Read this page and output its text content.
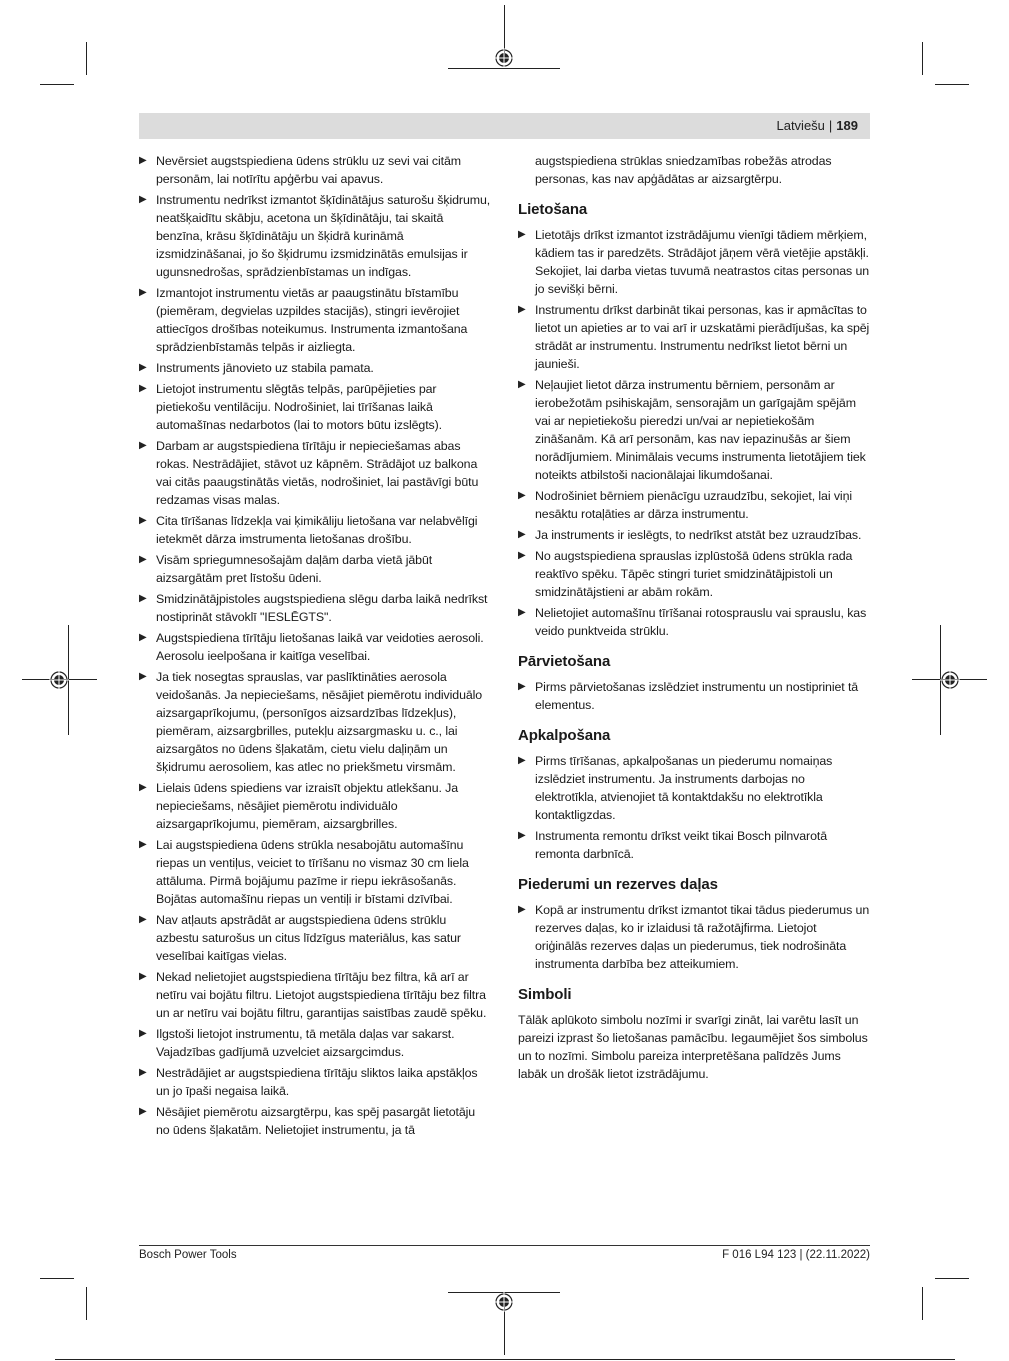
Latviešu | 189
▶ Nevērsiet augstspiediena ūdens strūklu uz sevi vai citām personām, lai notīrītu apģērbu vai apavus.
▶ Instrumentu nedrīkst izmantot šķīdinātājus saturošu šķidrumu, neatšķaidītu skābju, acetona un šķīdinātāju, tai skaitā benzīna, krāsu šķīdinātāju un šķidrā kurināmā izsmidzināšanai, jo šo šķidrumu izsmidzinātās emulsijas ir ugunsnedrošas, sprādzienbīstamas un indīgas.
▶ Izmantojot instrumentu vietās ar paaugstinātu bīstamību (piemēram, degvielas uzpildes stacijās), stingri ievērojiet attiecīgos drošības noteikumus. Instrumenta izmantošana sprādzienbīstamās telpās ir aizliegta.
▶ Instruments jānovieto uz stabila pamata.
▶ Lietojot instrumentu slēgtās telpās, parūpējieties par pietiekošu ventilāciju. Nodrošiniet, lai tīrīšanas laikā automašīnas nedarbotos (lai to motors būtu izslēgts).
▶ Darbam ar augstspiediena tīrītāju ir nepieciešamas abas rokas. Nestrādājiet, stāvot uz kāpnēm. Strādājot uz balkona vai citās paaugstinātās vietās, nodrošiniet, lai pastāvīgi būtu redzamas visas malas.
▶ Cita tīrīšanas līdzekļa vai ķimikāliju lietošana var nelabvēlīgi ietekmēt dārza imstrumenta lietošanas drošību.
▶ Visām spriegumnesošajām daļām darba vietā jābūt aizsargātām pret līstošu ūdeni.
▶ Smidzinātājpistoles augstspiediena slēgu darba laikā nedrīkst nostiprināt stāvoklī "IESLĒGTS".
▶ Augstspiediena tīrītāju lietošanas laikā var veidoties aerosoli. Aerosolu ieelpošana ir kaitīga veselībai.
▶ Ja tiek nosegtas sprauslas, var paslīktināties aerosola veidošanās. Ja nepieciešams, nēsājiet piemērotu individuālo aizsargaprīkojumu, (personīgos aizsardzības līdzekļus), piemēram, aizsargbrilles, putekļu aizsargmasku u. c., lai aizsargātos no ūdens šļakatām, cietu vielu daļiņām un šķidrumu aerosoliem, kas atlec no priekšmetu virsmām.
▶ Lielais ūdens spiediens var izraisīt objektu atlekšanu. Ja nepieciešams, nēsājiet piemērotu individuālo aizsargaprīkojumu, piemēram, aizsargbrilles.
▶ Lai augstspiediena ūdens strūkla nesabojātu automašīnu riepas un ventiļus, veiciet to tīrīšanu no vismaz 30 cm liela attāluma. Pirmā bojājumu pazīme ir riepu iekrāsošanās. Bojātas automašīnu riepas un ventiļi ir bīstami dzīvībai.
▶ Nav atļauts apstrādāt ar augstspiediena ūdens strūklu azbestu saturošus un citus līdzīgus materiālus, kas satur veselībai kaitīgas vielas.
▶ Nekad nelietojiet augstspiediena tīrītāju bez filtra, kā arī ar netīru vai bojātu filtru. Lietojot augstspiediena tīrītāju bez filtra un ar netīru vai bojātu filtru, garantijas saistības zaudē spēku.
▶ Ilgstoši lietojot instrumentu, tā metāla daļas var sakarst. Vajadzības gadījumā uzvelciet aizsargcimdus.
▶ Nestrādājiet ar augstspiediena tīrītāju sliktos laika apstākļos un jo īpaši negaisa laikā.
▶ Nēsājiet piemērotu aizsargtērpu, kas spēj pasargāt lietotāju no ūdens šļakatām. Nelietojiet instrumentu, ja tā
augstspiediena strūklas sniedzamības robežās atrodas personas, kas nav apģādātas ar aizsargtērpu.
Lietošana
▶ Lietotājs drīkst izmantot izstrādājumu vienīgi tādiem mērķiem, kādiem tas ir paredzēts. Strādājot jāņem vērā vietējie apstākļi. Sekojiet, lai darba vietas tuvumā neatrastos citas personas un jo sevišķi bērni.
▶ Instrumentu drīkst darbināt tikai personas, kas ir apmācītas to lietot un apieties ar to vai arī ir uzskatāmi pierādījušas, ka spēj strādāt ar instrumentu. Instrumentu nedrīkst lietot bērni un jaunieši.
▶ Neļaujiet lietot dārza instrumentu bērniem, personām ar ierobežotām psihiskajām, sensorajām un garīgajām spējām vai ar nepietiekošu pieredzi un/vai ar nepietiekošām zināšanām. Kā arī personām, kas nav iepazinušās ar šiem norādījumiem. Minimālais vecums instrumenta lietotājiem tiek noteikts atbilstoši nacionālajai likumdošanai.
▶ Nodrošiniet bērniem pienācīgu uzraudzību, sekojiet, lai viņi nesāktu rotaļāties ar dārza instrumentu.
▶ Ja instruments ir ieslēgts, to nedrīkst atstāt bez uzraudzības.
▶ No augstspiediena sprauslas izplūstošā ūdens strūkla rada reaktīvo spēku. Tāpēc stingri turiet smidzinātājpistoli un smidzinātājstieni ar abām rokām.
▶ Nelietojiet automašīnu tīrīšanai rotosprauslu vai sprauslu, kas veido punktveida strūklu.
Pārvietošana
▶ Pirms pārvietošanas izslēdziet instrumentu un nostipriniet tā elementus.
Apkalpošana
▶ Pirms tīrīšanas, apkalpošanas un piederumu nomaiņas izslēdziet instrumentu. Ja instruments darbojas no elektrotīkla, atvienojiet tā kontaktdakšu no elektrotīkla kontaktligzdas.
▶ Instrumenta remontu drīkst veikt tikai Bosch pilnvarotā remonta darbnīcā.
Piederumi un rezerves daļas
▶ Kopā ar instrumentu drīkst izmantot tikai tādus piederumus un rezerves daļas, ko ir izlaidusi tā ražotājfirma. Lietojot oriģinālās rezerves daļas un piederumus, tiek nodrošināta instrumenta darbība bez atteikumiem.
Simboli

Tālāk aplūkoto simbolu nozīmi ir svarīgi zināt, lai varētu lasīt un pareizi izprast šo lietošanas pamācību. Iegaumējiet šos simbolus un to nozīmi. Simbolu pareiza interpretēšana palīdzēs Jums labāk un drošāk lietot izstrādājumu.

Bosch Power Tools	F 016 L94 123 | (22.11.2022)
